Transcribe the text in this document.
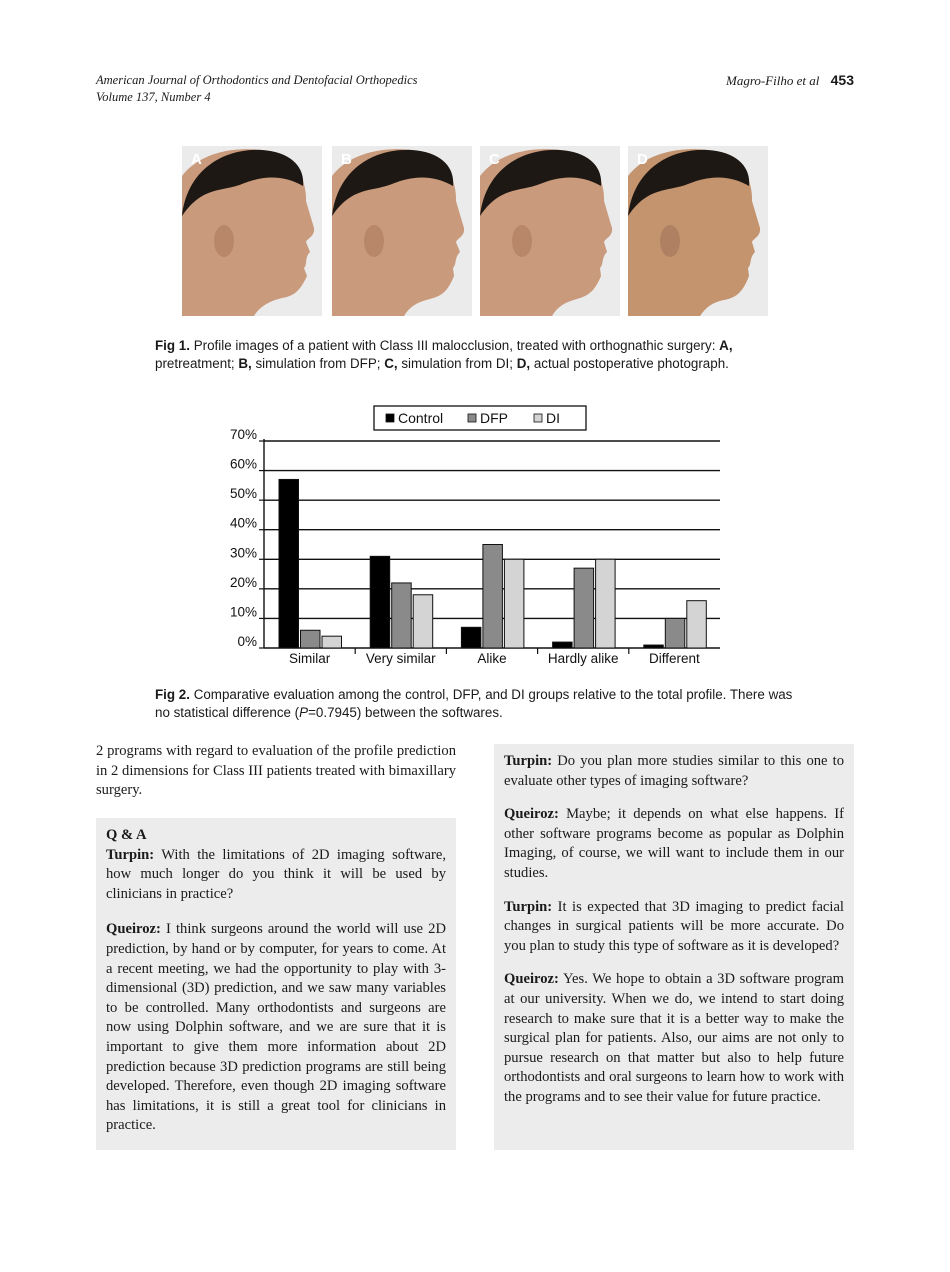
American Journal of Orthodontics and Dentofacial Orthopedics
Volume 137, Number 4
Magro-Filho et al 453
A	B	C	D
Fig 1. Profile images of a patient with Class III malocclusion, treated with orthognathic surgery: A, pretreatment; B, simulation from DFP; C, simulation from DI; D, actual postoperative photograph.
0%
10%
20%
30%
40%
50%
60%
70%
Similar	Very similar	Alike	Hardly alike Different
Control	DFP	DI
Fig 2. Comparative evaluation among the control, DFP, and DI groups relative to the total profile. There was no statistical difference (P=0.7945) between the softwares.
2 programs with regard to evaluation of the profile prediction in 2 dimensions for Class III patients treated with bimaxillary surgery.
Q & A

Turpin: With the limitations of 2D imaging software, how much longer do you think it will be used by clinicians in practice?

Queiroz: I think surgeons around the world will use 2D prediction, by hand or by computer, for years to come. At a recent meeting, we had the opportunity to play with 3-dimensional (3D) prediction, and we saw many variables to be controlled. Many orthodontists and surgeons are now using Dolphin software, and we are sure that it is important to give them more information about 2D prediction because 3D prediction programs are still being developed. Therefore, even though 2D imaging software has limitations, it is still a great tool for clinicians in practice.

Turpin: Do you plan more studies similar to this one to evaluate other types of imaging software?

Queiroz: Maybe; it depends on what else happens. If other software programs become as popular as Dolphin Imaging, of course, we will want to include them in our studies.

Turpin: It is expected that 3D imaging to predict facial changes in surgical patients will be more accurate. Do you plan to study this type of software as it is developed?

Queiroz: Yes. We hope to obtain a 3D software program at our university. When we do, we intend to start doing research to make sure that it is a better way to make the surgical plan for patients. Also, our aims are not only to pursue research on that matter but also to help future orthodontists and oral surgeons to learn how to work with the programs and to see their value for future practice.
